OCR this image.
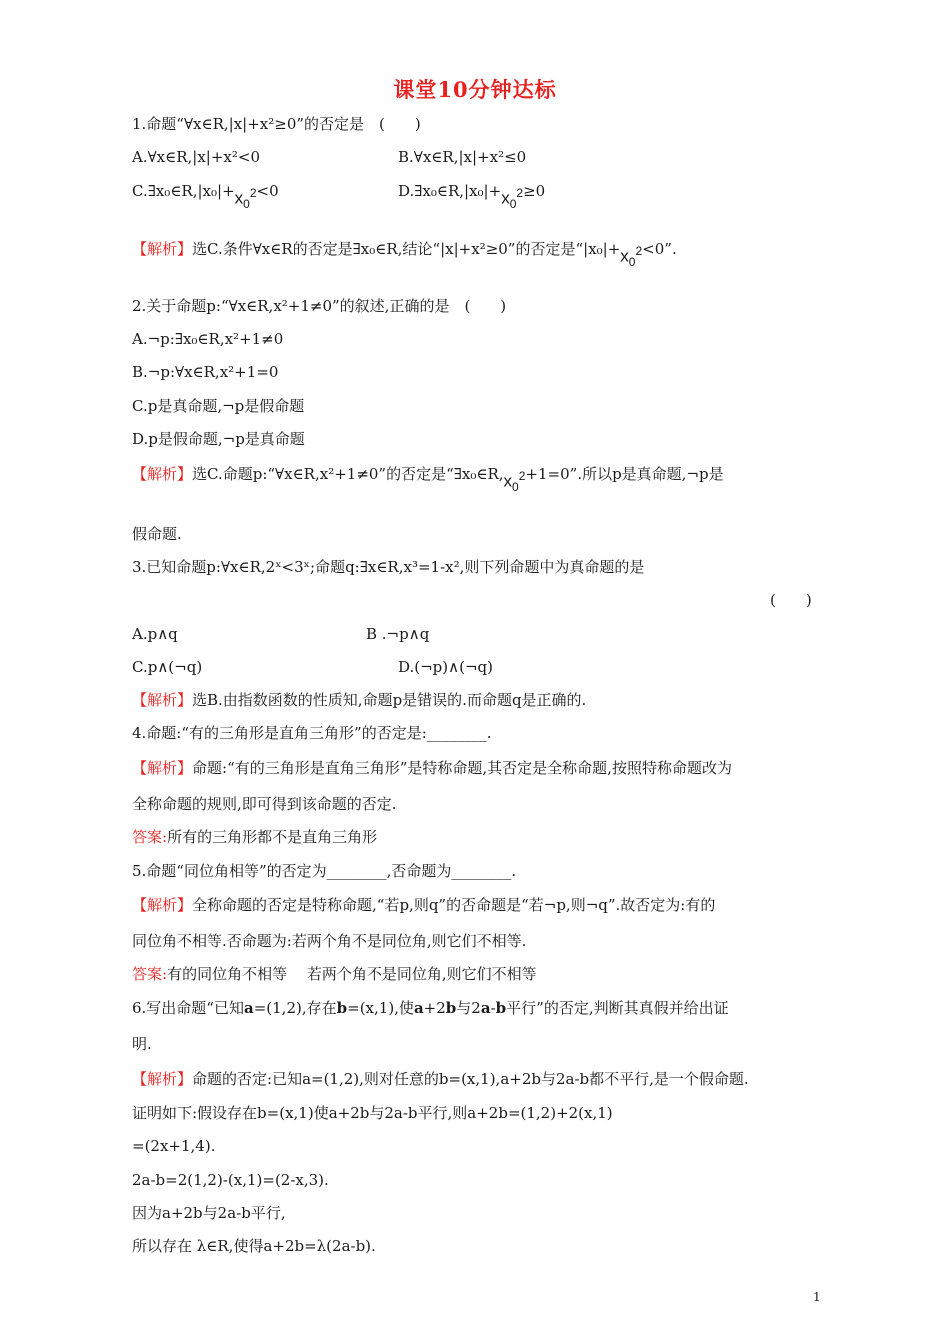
课堂10分钟达标
1.命题“∀x∈R,|x|+x²≥0”的否定是　(　　)
A.∀x∈R,|x|+x²<0	B.∀x∈R,|x|+x²≤0
$C.\exists x_0\in R,|x_0|+x_0^2<0$	$D.\exists x_0\in R,|x_0|+x_0^2\ge 0$
【解析】选C.条件∀x∈R的否定是∃x₀∈R,结论“|x|+x²≥0”的否定是“$|x_0|+x_0^2<0$”.
2.关于命题p:“∀x∈R,x²+1≠0”的叙述,正确的是　(　　)
A.¬p:∃x₀∈R,x²+1≠0
B.¬p:∀x∈R,x²+1=0
C.p是真命题,¬p是假命题
D.p是假命题,¬p是真命题
【解析】选C.命题p:“∀x∈R,x²+1≠0”的否定是“$\exists x_0\in R,x_0^2+1=0$”.所以p是真命题,¬p是
假命题.
3.已知命题p:∀x∈R,2ˣ<3ˣ;命题q:∃x∈R,x³=1-x²,则下列命题中为真命题的是
(　　)
A.p∧q	B .¬p∧q
C.p∧(¬q)	D.(¬p)∧(¬q)
【解析】选B.由指数函数的性质知,命题p是错误的.而命题q是正确的.
4.命题:“有的三角形是直角三角形”的否定是:________.
【解析】命题:“有的三角形是直角三角形”是特称命题,其否定是全称命题,按照特称命题改为
全称命题的规则,即可得到该命题的否定.
答案:所有的三角形都不是直角三角形
5.命题“同位角相等”的否定为________,否命题为________.
【解析】全称命题的否定是特称命题,“若p,则q”的否命题是“若¬p,则¬q”.故否定为:有的
同位角不相等.否命题为:若两个角不是同位角,则它们不相等.
答案:有的同位角不相等　 若两个角不是同位角,则它们不相等
6.写出命题“已知a=(1,2),存在b=(x,1),使a+2b与2a-b平行”的否定,判断其真假并给出证
明.
【解析】命题的否定:已知a=(1,2),则对任意的b=(x,1),a+2b与2a-b都不平行,是一个假命题.
证明如下:假设存在b=(x,1)使a+2b与2a-b平行,则a+2b=(1,2)+2(x,1)
=(2x+1,4).
2a-b=2(1,2)-(x,1)=(2-x,3).
因为a+2b与2a-b平行,
所以存在 λ∈R,使得a+2b=λ(2a-b).
1
